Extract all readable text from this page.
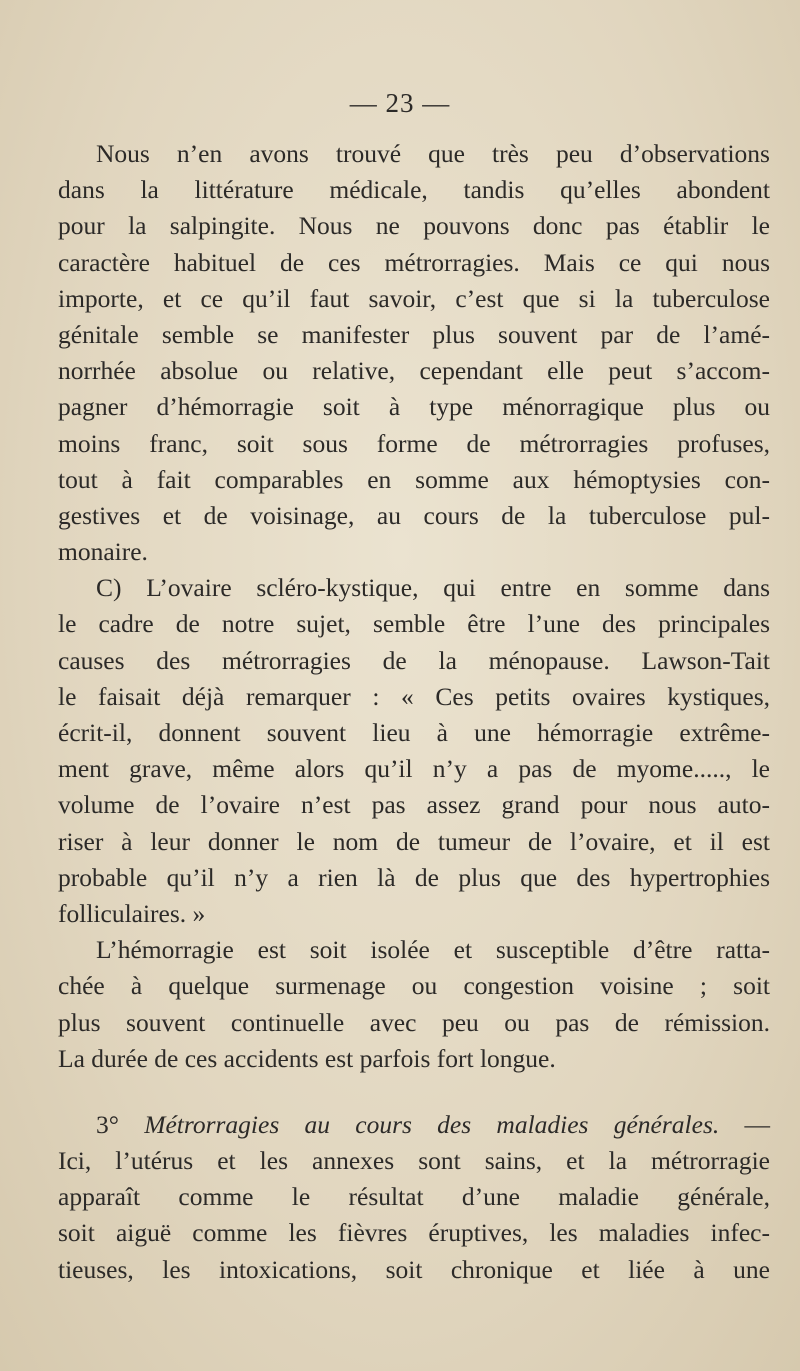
— 23 —
Nous n’en avons trouvé que très peu d’observations
dans la littérature médicale, tandis qu’elles abondent
pour la salpingite. Nous ne pouvons donc pas établir le
caractère habituel de ces métrorragies. Mais ce qui nous
importe, et ce qu’il faut savoir, c’est que si la tuberculose
génitale semble se manifester plus souvent par de l’amé-
norrhée absolue ou relative, cependant elle peut s’accom-
pagner d’hémorragie soit à type ménorragique plus ou
moins franc, soit sous forme de métrorragies profuses,
tout à fait comparables en somme aux hémoptysies con-
gestives et de voisinage, au cours de la tuberculose pul-
monaire.
C) L’ovaire scléro-kystique, qui entre en somme dans
le cadre de notre sujet, semble être l’une des principales
causes des métrorragies de la ménopause. Lawson-Tait
le faisait déjà remarquer : « Ces petits ovaires kystiques,
écrit-il, donnent souvent lieu à une hémorragie extrême-
ment grave, même alors qu’il n’y a pas de myome....., le
volume de l’ovaire n’est pas assez grand pour nous auto-
riser à leur donner le nom de tumeur de l’ovaire, et il est
probable qu’il n’y a rien là de plus que des hypertrophies
folliculaires. »
L’hémorragie est soit isolée et susceptible d’être ratta-
chée à quelque surmenage ou congestion voisine ; soit
plus souvent continuelle avec peu ou pas de rémission.
La durée de ces accidents est parfois fort longue.
3° Métrorragies au cours des maladies générales. —
Ici, l’utérus et les annexes sont sains, et la métrorragie
apparaît comme le résultat d’une maladie générale,
soit aiguë comme les fièvres éruptives, les maladies infec-
tieuses, les intoxications, soit chronique et liée à une
